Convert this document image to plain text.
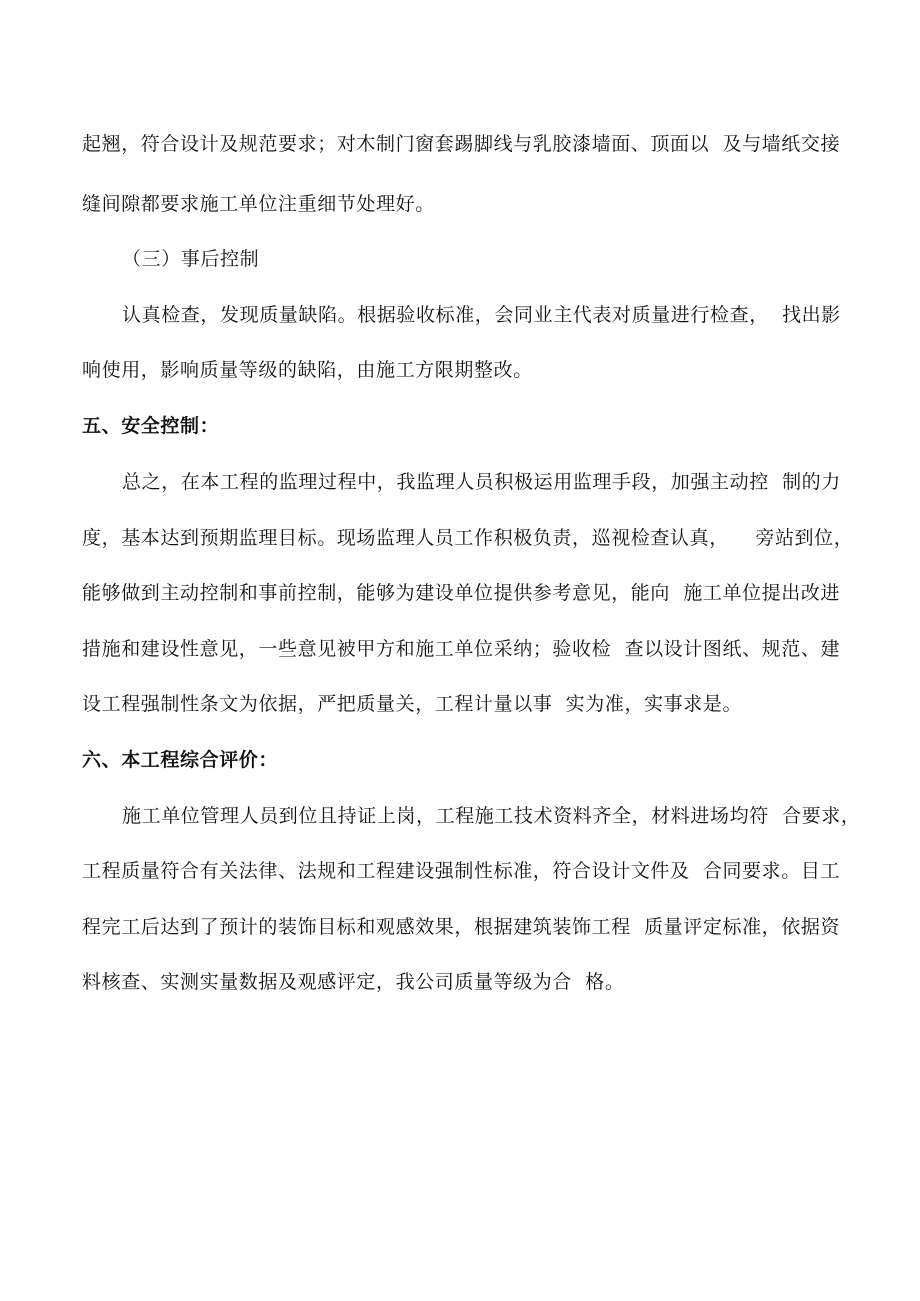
起翘，符合设计及规范要求；对木制门窗套踢脚线与乳胶漆墙面、顶面以  及与墙纸交接
缝间隙都要求施工单位注重细节处理好。
（三）事后控制
认真检查，发现质量缺陷。根据验收标准，会同业主代表对质量进行检查，  找出影
响使用，影响质量等级的缺陷，由施工方限期整改。
五、安全控制：
总之，在本工程的监理过程中，我监理人员积极运用监理手段，加强主动控  制的力
度，基本达到预期监理目标。现场监理人员工作积极负责，巡视检查认真，    旁站到位，
能够做到主动控制和事前控制，能够为建设单位提供参考意见，能向  施工单位提出改进
措施和建设性意见，一些意见被甲方和施工单位采纳；验收检  查以设计图纸、规范、建
设工程强制性条文为依据，严把质量关，工程计量以事  实为准，实事求是。
六、本工程综合评价：
施工单位管理人员到位且持证上岗，工程施工技术资料齐全，材料进场均符  合要求，
工程质量符合有关法律、法规和工程建设强制性标准，符合设计文件及  合同要求。目工
程完工后达到了预计的装饰目标和观感效果，根据建筑装饰工程  质量评定标准，依据资
料核查、实测实量数据及观感评定，我公司质量等级为合  格。
